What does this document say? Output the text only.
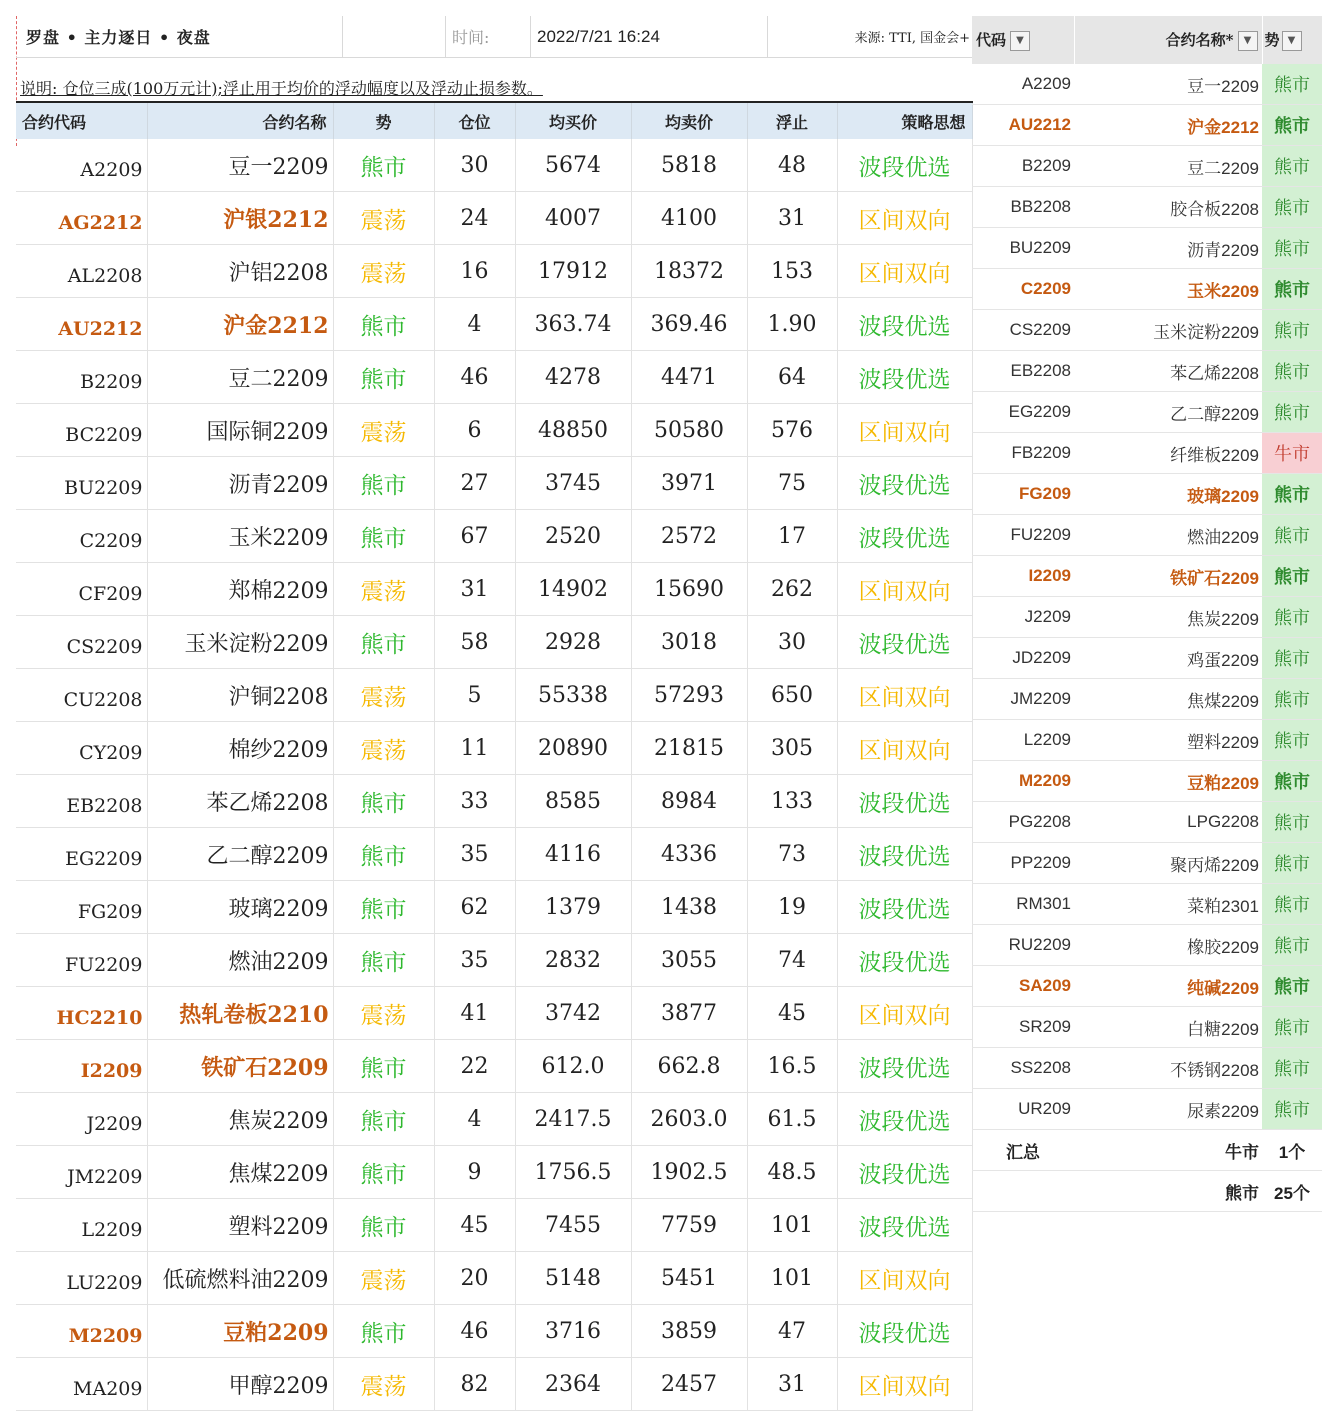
罗盘 • 主力逐日 • 夜盘	时间:	2022/7/21 16:24	来源: TTI, 国金会+
说明: 仓位三成(100万元计);浮止用于均价的浮动幅度以及浮动止损参数。
合约代码	合约名称	势	仓位	均买价	均卖价	浮止	策略思想
A2209	豆一2209	熊市	30	5674	5818	48	波段优选
AG2212	沪银2212	震荡	24	4007	4100	31	区间双向
AL2208	沪铝2208	震荡	16	17912	18372	153	区间双向
AU2212	沪金2212	熊市	4	363.74	369.46	1.90	波段优选
B2209	豆二2209	熊市	46	4278	4471	64	波段优选
BC2209	国际铜2209	震荡	6	48850	50580	576	区间双向
BU2209	沥青2209	熊市	27	3745	3971	75	波段优选
C2209	玉米2209	熊市	67	2520	2572	17	波段优选
CF209	郑棉2209	震荡	31	14902	15690	262	区间双向
CS2209	玉米淀粉2209	熊市	58	2928	3018	30	波段优选
CU2208	沪铜2208	震荡	5	55338	57293	650	区间双向
CY209	棉纱2209	震荡	11	20890	21815	305	区间双向
EB2208	苯乙烯2208	熊市	33	8585	8984	133	波段优选
EG2209	乙二醇2209	熊市	35	4116	4336	73	波段优选
FG209	玻璃2209	熊市	62	1379	1438	19	波段优选
FU2209	燃油2209	熊市	35	2832	3055	74	波段优选
HC2210	热轧卷板2210	震荡	41	3742	3877	45	区间双向
I2209	铁矿石2209	熊市	22	612.0	662.8	16.5	波段优选
J2209	焦炭2209	熊市	4	2417.5	2603.0	61.5	波段优选
JM2209	焦煤2209	熊市	9	1756.5	1902.5	48.5	波段优选
L2209	塑料2209	熊市	45	7455	7759	101	波段优选
LU2209	低硫燃料油2209	震荡	20	5148	5451	101	区间双向
M2209	豆粕2209	熊市	46	3716	3859	47	波段优选
MA209	甲醇2209	震荡	82	2364	2457	31	区间双向
代码 ▼	合约名称* ▼	势 ▼
A2209	豆一2209	熊市
AU2212	沪金2212	熊市
B2209	豆二2209	熊市
BB2208	胶合板2208	熊市
BU2209	沥青2209	熊市
C2209	玉米2209	熊市
CS2209	玉米淀粉2209	熊市
EB2208	苯乙烯2208	熊市
EG2209	乙二醇2209	熊市
FB2209	纤维板2209	牛市
FG209	玻璃2209	熊市
FU2209	燃油2209	熊市
I2209	铁矿石2209	熊市
J2209	焦炭2209	熊市
JD2209	鸡蛋2209	熊市
JM2209	焦煤2209	熊市
L2209	塑料2209	熊市
M2209	豆粕2209	熊市
PG2208	LPG2208	熊市
PP2209	聚丙烯2209	熊市
RM301	菜粕2301	熊市
RU2209	橡胶2209	熊市
SA209	纯碱2209	熊市
SR209	白糖2209	熊市
SS2208	不锈钢2208	熊市
UR209	尿素2209	熊市
汇总	牛市	1个
	熊市	25个
